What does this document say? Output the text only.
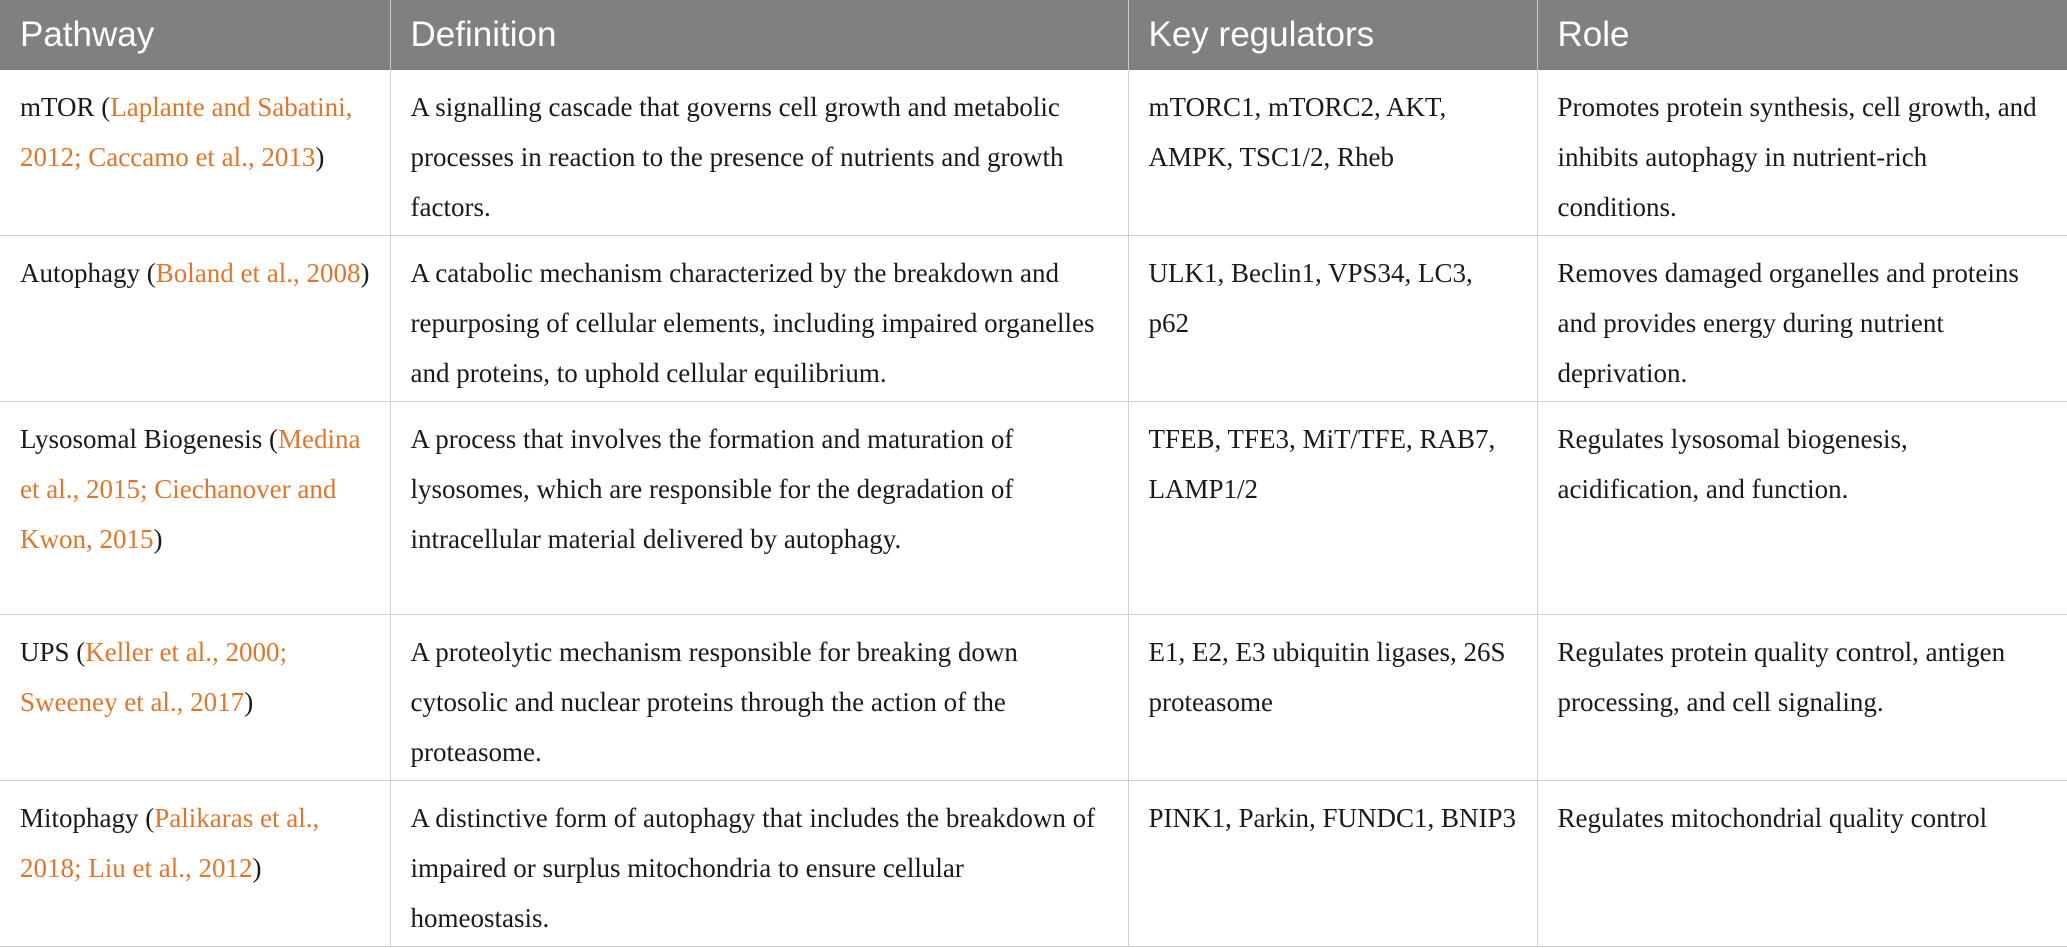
Pathway	Definition	Key regulators	Role
mTOR (Laplante and Sabatini, 2012; Caccamo et al., 2013)	A signalling cascade that governs cell growth and metabolic processes in reaction to the presence of nutrients and growth factors.	mTORC1, mTORC2, AKT, AMPK, TSC1/2, Rheb	Promotes protein synthesis, cell growth, and inhibits autophagy in nutrient-rich conditions.
Autophagy (Boland et al., 2008)	A catabolic mechanism characterized by the breakdown and repurposing of cellular elements, including impaired organelles and proteins, to uphold cellular equilibrium.	ULK1, Beclin1, VPS34, LC3, p62	Removes damaged organelles and proteins and provides energy during nutrient deprivation.
Lysosomal Biogenesis (Medina et al., 2015; Ciechanover and Kwon, 2015)	A process that involves the formation and maturation of lysosomes, which are responsible for the degradation of intracellular material delivered by autophagy.	TFEB, TFE3, MiT/TFE, RAB7, LAMP1/2	Regulates lysosomal biogenesis, acidification, and function.
UPS (Keller et al., 2000; Sweeney et al., 2017)	A proteolytic mechanism responsible for breaking down cytosolic and nuclear proteins through the action of the proteasome.	E1, E2, E3 ubiquitin ligases, 26S proteasome	Regulates protein quality control, antigen processing, and cell signaling.
Mitophagy (Palikaras et al., 2018; Liu et al., 2012)	A distinctive form of autophagy that includes the breakdown of impaired or surplus mitochondria to ensure cellular homeostasis.	PINK1, Parkin, FUNDC1, BNIP3	Regulates mitochondrial quality control
